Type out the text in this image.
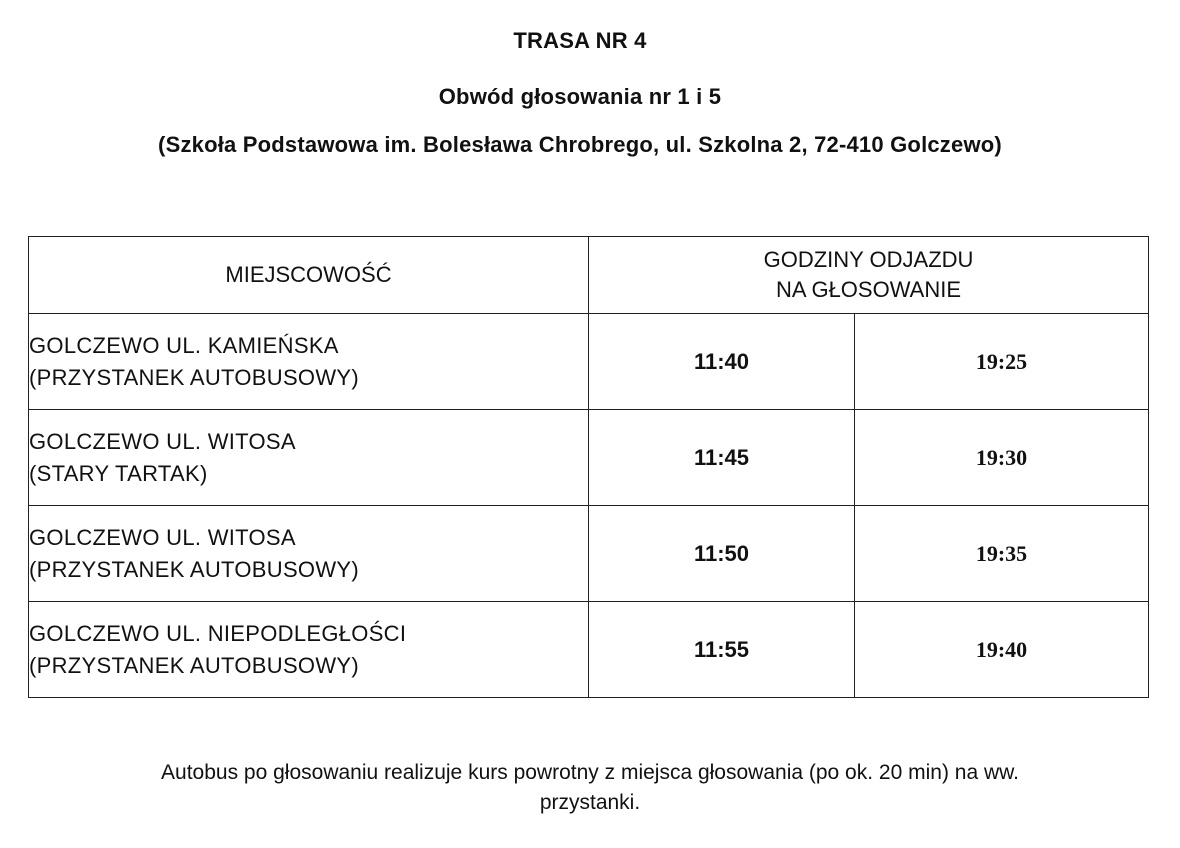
TRASA NR 4
Obwód głosowania nr 1 i 5
(Szkoła Podstawowa im. Bolesława Chrobrego, ul. Szkolna 2, 72-410 Golczewo)
MIEJSCOWOŚĆ	GODZINY ODJAZDU
NA GŁOSOWANIE	

GOLCZEWO UL. KAMIEŃSKA
(PRZYSTANEK AUTOBUSOWY)	11:40	19:25

GOLCZEWO UL. WITOSA
(STARY TARTAK)	11:45	19:30

GOLCZEWO UL. WITOSA
(PRZYSTANEK AUTOBUSOWY)	11:50	19:35

GOLCZEWO UL. NIEPODLEGŁOŚCI
(PRZYSTANEK AUTOBUSOWY)	11:55	19:40
Autobus po głosowaniu realizuje kurs powrotny z miejsca głosowania (po ok. 20 min) na ww.
przystanki.
